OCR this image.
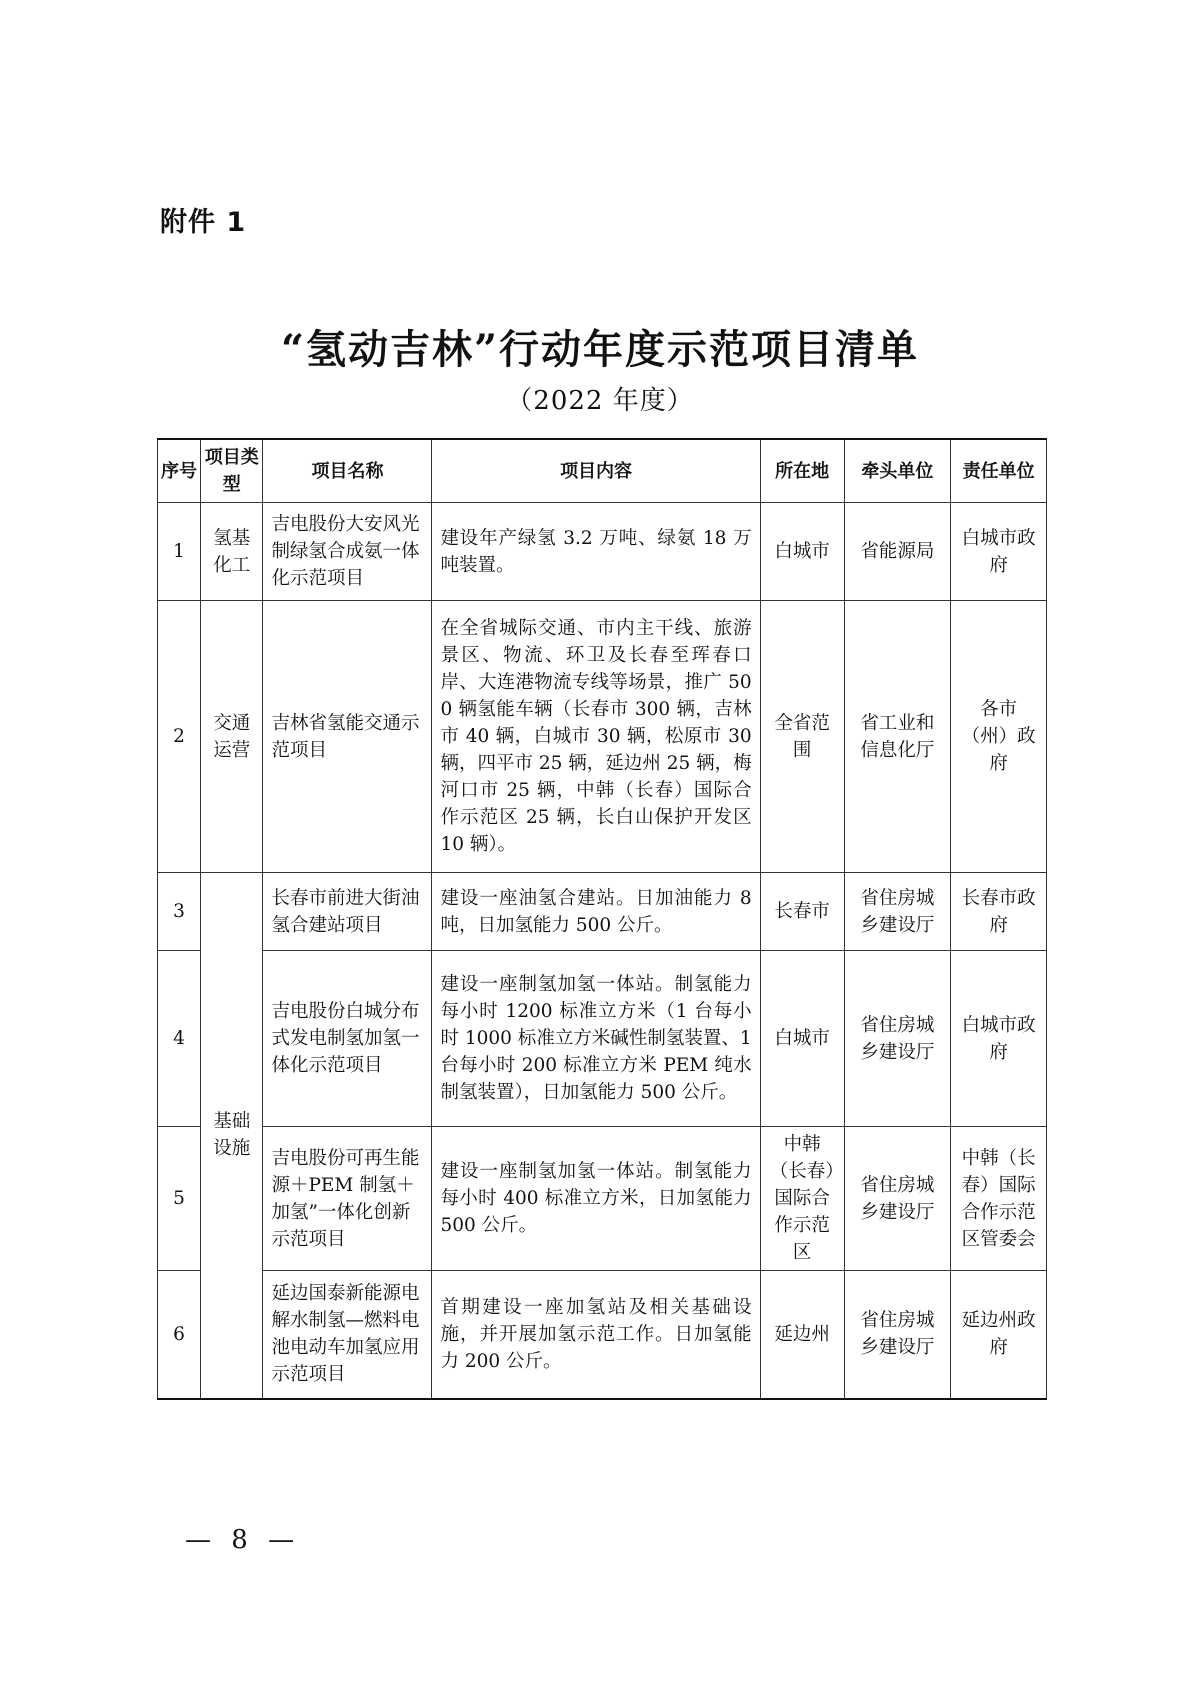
附件 1
“氢动吉林”行动年度示范项目清单
（2022 年度）
序号	项目类型	项目名称	项目内容	所在地	牵头单位	责任单位
1	氢基化工	吉电股份大安风光制绿氢合成氨一体化示范项目	建设年产绿氢 3.2 万吨、绿氨 18 万吨装置。	白城市	省能源局	白城市政府
2	交通运营	吉林省氢能交通示范项目	在全省城际交通、市内主干线、旅游景区、物流、环卫及长春至珲春口岸、大连港物流专线等场景，推广 500 辆氢能车辆（长春市 300 辆，吉林市 40 辆，白城市 30 辆，松原市 30 辆，四平市 25 辆，延边州 25 辆，梅河口市 25 辆，中韩（长春）国际合作示范区 25 辆，长白山保护开发区 10 辆）。	全省范围	省工业和信息化厅	各市（州）政府
3	基础设施	长春市前进大街油氢合建站项目	建设一座油氢合建站。日加油能力 8 吨，日加氢能力 500 公斤。	长春市	省住房城乡建设厅	长春市政府
4		吉电股份白城分布式发电制氢加氢一体化示范项目	建设一座制氢加氢一体站。制氢能力每小时 1200 标准立方米（1 台每小时 1000 标准立方米碱性制氢装置、1 台每小时 200 标准立方米 PEM 纯水制氢装置），日加氢能力 500 公斤。	白城市	省住房城乡建设厅	白城市政府
5		吉电股份可再生能源＋PEM 制氢＋加氢”一体化创新示范项目	建设一座制氢加氢一体站。制氢能力每小时 400 标准立方米，日加氢能力 500 公斤。	中韩（长春）国际合作示范区	省住房城乡建设厅	中韩（长春）国际合作示范区管委会
6		延边国泰新能源电解水制氢—燃料电池电动车加氢应用示范项目	首期建设一座加氢站及相关基础设施，并开展加氢示范工作。日加氢能力 200 公斤。	延边州	省住房城乡建设厅	延边州政府
— 8 —
